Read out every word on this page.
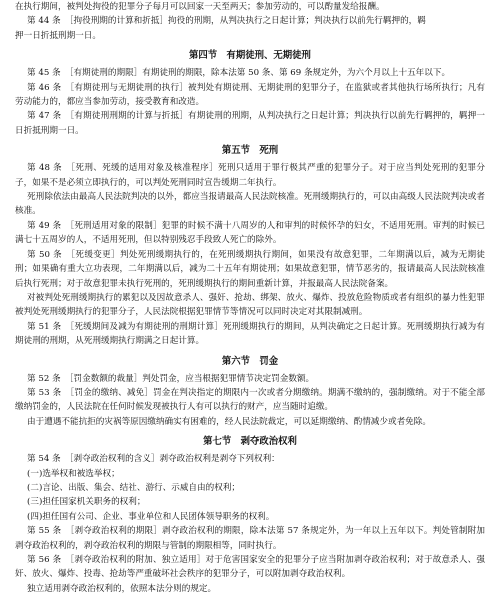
在执行期间，被判处拘役的犯罪分子每月可以回家一天至两天；参加劳动的，可以酌量发给报酬。
第 44 条　［拘役刑期的计算和折抵］拘役的刑期，从判决执行之日起计算；判决执行以前先行羁押的，羁
押一日折抵刑期一日。
第四节　有期徒刑、无期徒刑
第 45 条　［有期徒刑的期限］有期徒刑的期限，除本法第 50 条、第 69 条规定外，为六个月以上十五年以下。
第 46 条　［有期徒刑与无期徒刑的执行］被判处有期徒刑、无期徒刑的犯罪分子，在监狱或者其他执行场所执行；凡有劳动能力的，都应当参加劳动，接受教育和改造。
第 47 条　［有期徒刑刑期的计算与折抵］有期徒刑的刑期，从判决执行之日起计算；判决执行以前先行羁押的，羁押一日折抵刑期一日。
第五节　死刑
第 48 条　［死刑、死缓的适用对象及核准程序］死刑只适用于罪行极其严重的犯罪分子。对于应当判处死刑的犯罪分子，如果不是必须立即执行的，可以判处死刑同时宣告缓期二年执行。
死刑除依法由最高人民法院判决的以外，都应当报请最高人民法院核准。死刑缓期执行的，可以由高级人民法院判决或者核准。
第 49 条　［死刑适用对象的限制］犯罪的时候不满十八周岁的人和审判的时候怀孕的妇女，不适用死刑。审判的时候已满七十五周岁的人，不适用死刑，但以特别残忍手段致人死亡的除外。
第 50 条　［死缓变更］判处死刑缓期执行的，在死刑缓期执行期间，如果没有故意犯罪，二年期满以后，减为无期徒刑；如果确有重大立功表现，二年期满以后，减为二十五年有期徒刑；如果故意犯罪，情节恶劣的，报请最高人民法院核准后执行死刑；对于故意犯罪未执行死刑的，死刑缓期执行的期间重新计算，并报最高人民法院备案。
对被判处死刑缓期执行的累犯以及因故意杀人、强奸、抢劫、绑架、放火、爆炸、投放危险物质或者有组织的暴力性犯罪被判处死刑缓期执行的犯罪分子，人民法院根据犯罪情节等情况可以同时决定对其限制减刑。
第 51 条　［死缓期间及减为有期徒刑的刑期计算］死刑缓期执行的期间，从判决确定之日起计算。死刑缓期执行减为有期徒刑的刑期，从死刑缓期执行期满之日起计算。
第六节　罚金
第 52 条　［罚金数额的裁量］判处罚金，应当根据犯罪情节决定罚金数额。
第 53 条　［罚金的缴纳、减免］罚金在判决指定的期限内一次或者分期缴纳。期满不缴纳的，强制缴纳。对于不能全部缴纳罚金的，人民法院在任何时候发现被执行人有可以执行的财产，应当随时追缴。
由于遭遇不能抗拒的灾祸等原因缴纳确实有困难的，经人民法院裁定，可以延期缴纳、酌情减少或者免除。
第七节　剥夺政治权利
第 54 条　［剥夺政治权利的含义］剥夺政治权利是剥夺下列权利：
(一)选举权和被选举权；
(二)言论、出版、集会、结社、游行、示威自由的权利；
(三)担任国家机关职务的权利；
(四)担任国有公司、企业、事业单位和人民团体领导职务的权利。
第 55 条　［剥夺政治权利的期限］剥夺政治权利的期限，除本法第 57 条规定外，为一年以上五年以下。判处管制附加剥夺政治权利的，剥夺政治权利的期限与管制的期限相等，同时执行。
第 56 条　［剥夺政治权利的附加、独立适用］对于危害国家安全的犯罪分子应当附加剥夺政治权利；对于故意杀人、强奸、放火、爆炸、投毒、抢劫等严重破坏社会秩序的犯罪分子，可以附加剥夺政治权利。
独立适用剥夺政治权利的，依照本法分则的规定。
